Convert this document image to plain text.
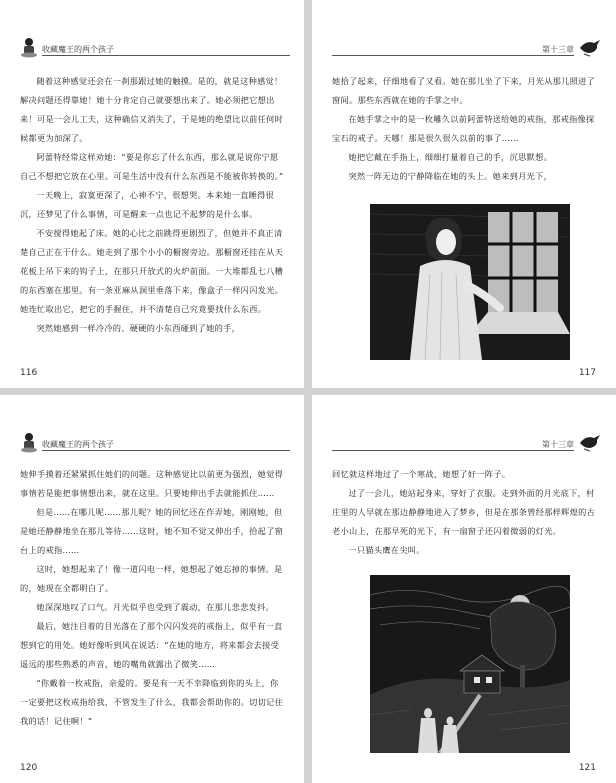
收藏魔王的两个孩子

随着这种感觉还会在一刹那跟过她的触摸。是的，就是这种感觉！解决问题还得靠她！她十分肯定自己就要想出来了。她必须把它想出来！可是一会儿工夫，这种确信又消失了，于是她的绝望比以前任何时候都更为加深了。

阿蕾特经常这样劝她：“要是你忘了什么东西，那么就是说你宁愿自己不想把它放在心里。可是生活中没有什么东西是不能被你转换的。”

一天晚上，寂寞更深了，心神不宁，很想哭。本来她一直睡得很沉，还梦见了什么事情，可是醒来一点也记不起梦的是什么事。

不安搅得她起了床。她的心比之前跳得更剧烈了，但她并不真正清楚自己正在干什么。她走到了那个小小的橱窗旁边。那橱窗还挂在从天花板上吊下来的钩子上，在那只开放式的火炉前面。一大堆都乱七八糟的东西塞在那里。有一条亚麻从洞里垂落下来，像盒子一样闪闪发光。她连忙取出它，把它的手握住，并不清楚自己究竟要找什么东西。

突然她感到一样冷冷的、硬硬的小东西碰到了她的手，

116
第十三章

她拾了起来，仔细地看了又看。她在那儿坐了下来，月光从那儿照进了窗间。那些东西就在她的手掌之中。

在她手掌之中的是一枚雕久以前阿蕾特送给她的戒指，那戒指像探宝石的戒子。天哪！那是很久很久以前的事了……

她把它戴在手指上，细细打量着自己的手，沉思默想。

突然一阵无边的宁静降临在她的头上。她来到月光下，

117
收藏魔王的两个孩子

她伸手摸着还紧紧抓住她们的问题。这种感觉比以前更为强烈，她觉得事情若是能把事情想出来，就在这里。只要她伸出手去就能抓住……

但是……在哪儿呢……那儿呢？她的回忆还在作弄她，刚刚她，但是她还静静地坐在那儿等待……这时，她不知不觉又伸出手，拾起了窗台上的戒指……

这时，她想起来了！像一道闪电一样，她想起了她忘掉的事情。是的，她现在全都明白了。

她深深地叹了口气。月光似乎也受到了震动，在那儿悲悲发抖。

最后，她注目着的目光落在了那个闪闪发亮的戒指上，似乎有一直想到它的用处。她好像听到风在说话：“在她的地方，将来都会去接受遥远的那些熟悉的声音，她的嘴角就露出了微笑……

“你戴着一枚戒指，亲爱的。要是有一天不幸降临到你的头上，你一定要把这枚戒指给我，不管发生了什么，我都会帮助你的。切切记住我的话！记住啊！”

120
第十三章

回忆就这样地过了一个寒战，她想了好一阵子。

过了一会儿，她站起身来，穿好了衣服。走到外面的月光底下，村庄里的人早就在那边静静地进入了梦乡，但是在那条曾经那样辉煌的古老小山上，在那早死的光下，有一扇窗子还闪着微弱的灯光。

一只猫头鹰在尖叫。

121
